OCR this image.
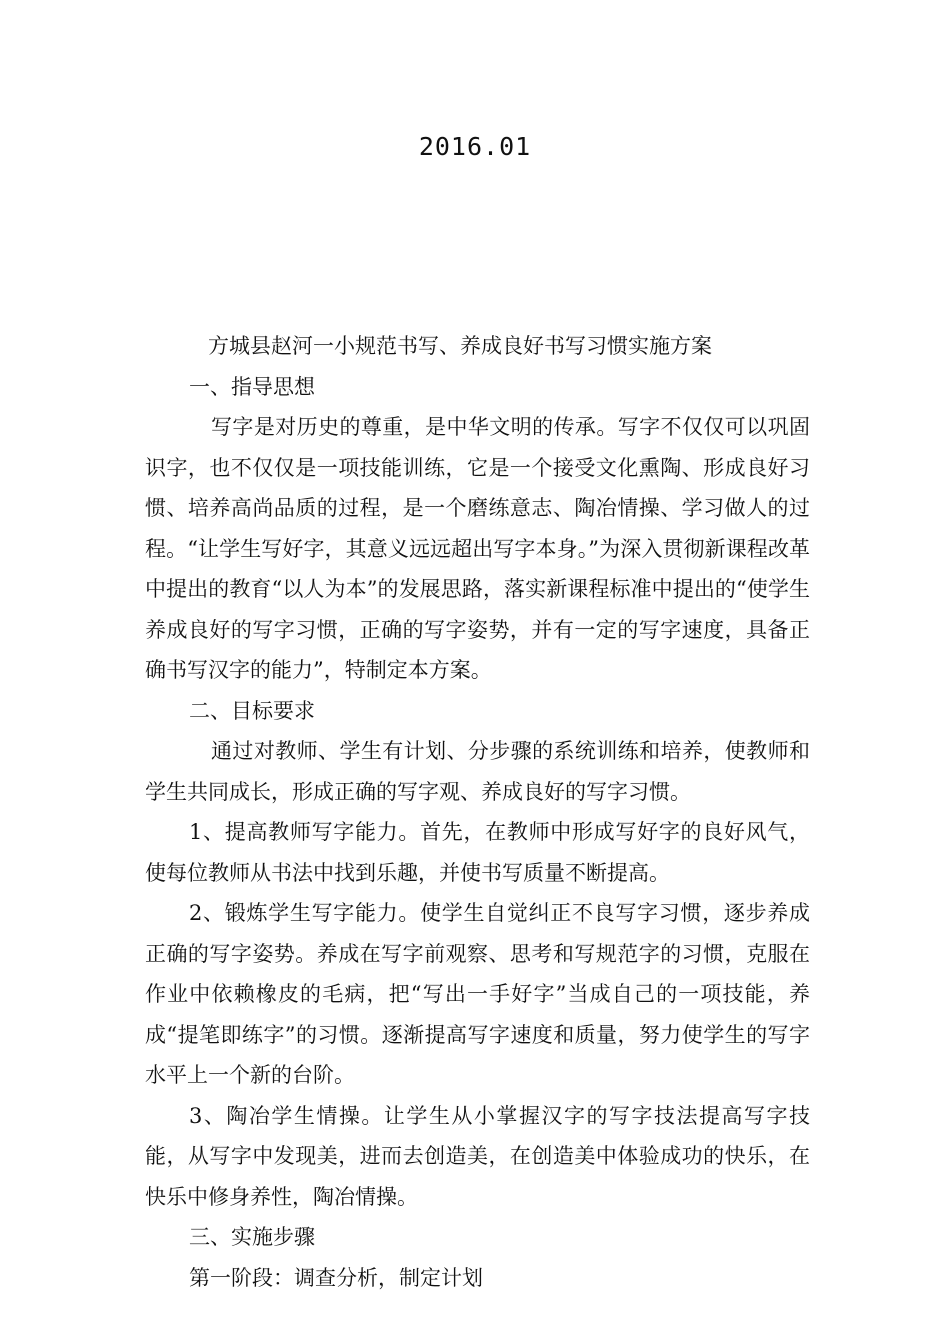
2016.01

方城县赵河一小规范书写、养成良好书写习惯实施方案

一、指导思想

写字是对历史的尊重，是中华文明的传承。写字不仅仅可以巩固识字，也不仅仅是一项技能训练，它是一个接受文化熏陶、形成良好习惯、培养高尚品质的过程，是一个磨练意志、陶冶情操、学习做人的过程。“让学生写好字，其意义远远超出写字本身。”为深入贯彻新课程改革中提出的教育“以人为本”的发展思路，落实新课程标准中提出的“使学生养成良好的写字习惯，正确的写字姿势，并有一定的写字速度，具备正确书写汉字的能力”，特制定本方案。

二、目标要求

通过对教师、学生有计划、分步骤的系统训练和培养，使教师和学生共同成长，形成正确的写字观、养成良好的写字习惯。

1、提高教师写字能力。首先，在教师中形成写好字的良好风气，使每位教师从书法中找到乐趣，并使书写质量不断提高。

2、锻炼学生写字能力。使学生自觉纠正不良写字习惯，逐步养成正确的写字姿势。养成在写字前观察、思考和写规范字的习惯，克服在作业中依赖橡皮的毛病，把“写出一手好字”当成自己的一项技能，养成“提笔即练字”的习惯。逐渐提高写字速度和质量，努力使学生的写字水平上一个新的台阶。

3、陶冶学生情操。让学生从小掌握汉字的写字技法提高写字技能，从写字中发现美，进而去创造美，在创造美中体验成功的快乐，在快乐中修身养性，陶冶情操。

三、实施步骤

第一阶段：调查分析，制定计划
